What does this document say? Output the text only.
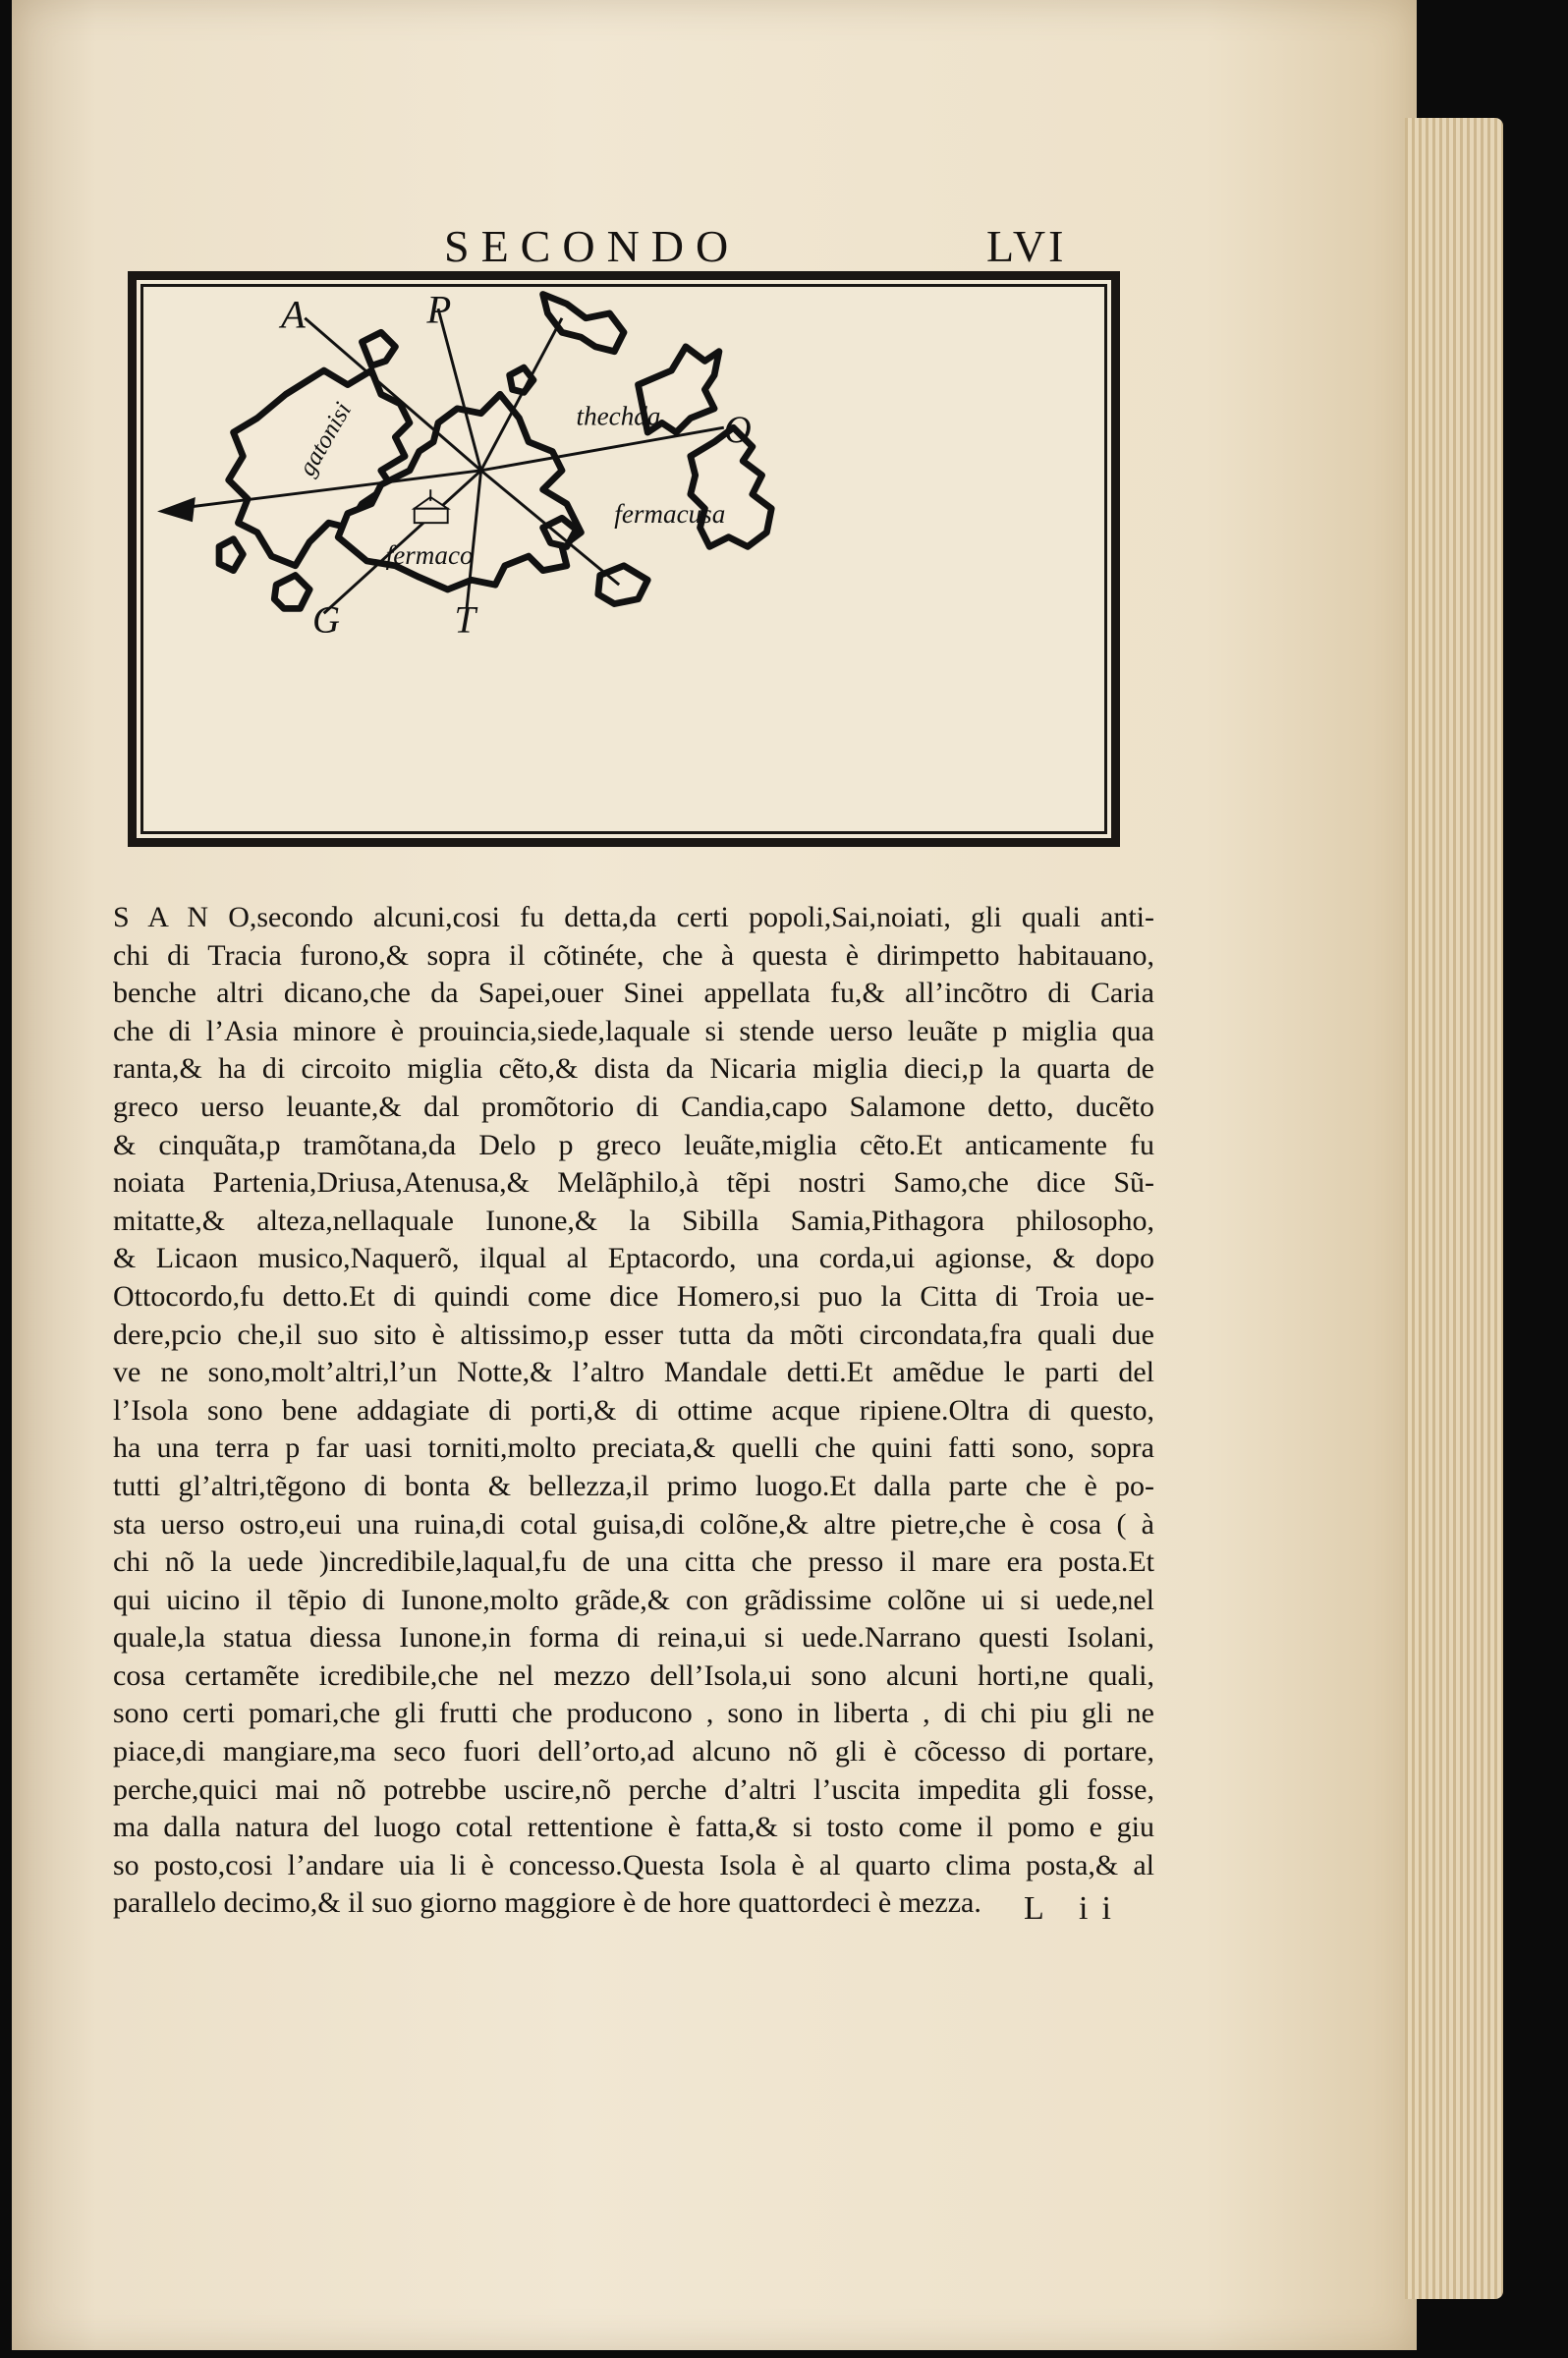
SECONDO	LVI
A	P
O
T
G
gatonisi	thechda
fermacusa
fermaco
S A N O,secondo alcuni,cosi fu detta,da certi popoli,Sai,noiati, gli quali anti-
chi di Tracia furono,& sopra il cõtinéte, che à questa è dirimpetto habitauano,
benche altri dicano,che da Sapei,ouer Sinei appellata fu,& all’incõtro di Caria
che di l’Asia minore è prouincia,siede,laquale si stende uerso leuãte p miglia qua
ranta,& ha di circoito miglia cẽto,& dista da Nicaria miglia dieci,p la quarta de
greco uerso leuante,& dal promõtorio di Candia,capo Salamone detto, ducẽto
& cinquãta,p tramõtana,da Delo p greco leuãte,miglia cẽto.Et anticamente fu
noiata Partenia,Driusa,Atenusa,& Melãphilo,à tẽpi nostri Samo,che dice Sũ-
mitatte,& alteza,nellaquale Iunone,& la Sibilla Samia,Pithagora philosopho,
& Licaon musico,Naquerõ, ilqual al Eptacordo, una corda,ui agionse, & dopo
Ottocordo,fu detto.Et di quindi come dice Homero,si puo la Citta di Troia ue-
dere,pcio che,il suo sito è altissimo,p esser tutta da mõti circondata,fra quali due
ve ne sono,molt’altri,l’un Notte,& l’altro Mandale detti.Et amẽdue le parti del
l’Isola sono bene addagiate di porti,& di ottime acque ripiene.Oltra di questo,
ha una terra p far uasi torniti,molto preciata,& quelli che quini fatti sono, sopra
tutti gl’altri,tẽgono di bonta & bellezza,il primo luogo.Et dalla parte che è po-
sta uerso ostro,eui una ruina,di cotal guisa,di colõne,& altre pietre,che è cosa ( à
chi nõ la uede )incredibile,laqual,fu de una citta che presso il mare era posta.Et
qui uicino il tẽpio di Iunone,molto grãde,& con grãdissime colõne ui si uede,nel
quale,la statua diessa Iunone,in forma di reina,ui si uede.Narrano questi Isolani,
cosa certamẽte icredibile,che nel mezzo dell’Isola,ui sono alcuni horti,ne quali,
sono certi pomari,che gli frutti che producono , sono in liberta , di chi piu gli ne
piace,di mangiare,ma seco fuori dell’orto,ad alcuno nõ gli è cõcesso di portare,
perche,quici mai nõ potrebbe uscire,nõ perche d’altri l’uscita impedita gli fosse,
ma dalla natura del luogo cotal rettentione è fatta,& si tosto come il pomo e giu
so posto,cosi l’andare uia li è concesso.Questa Isola è al quarto clima posta,& al
parallelo decimo,& il suo giorno maggiore è de hore quattordeci è mezza.	L ii
